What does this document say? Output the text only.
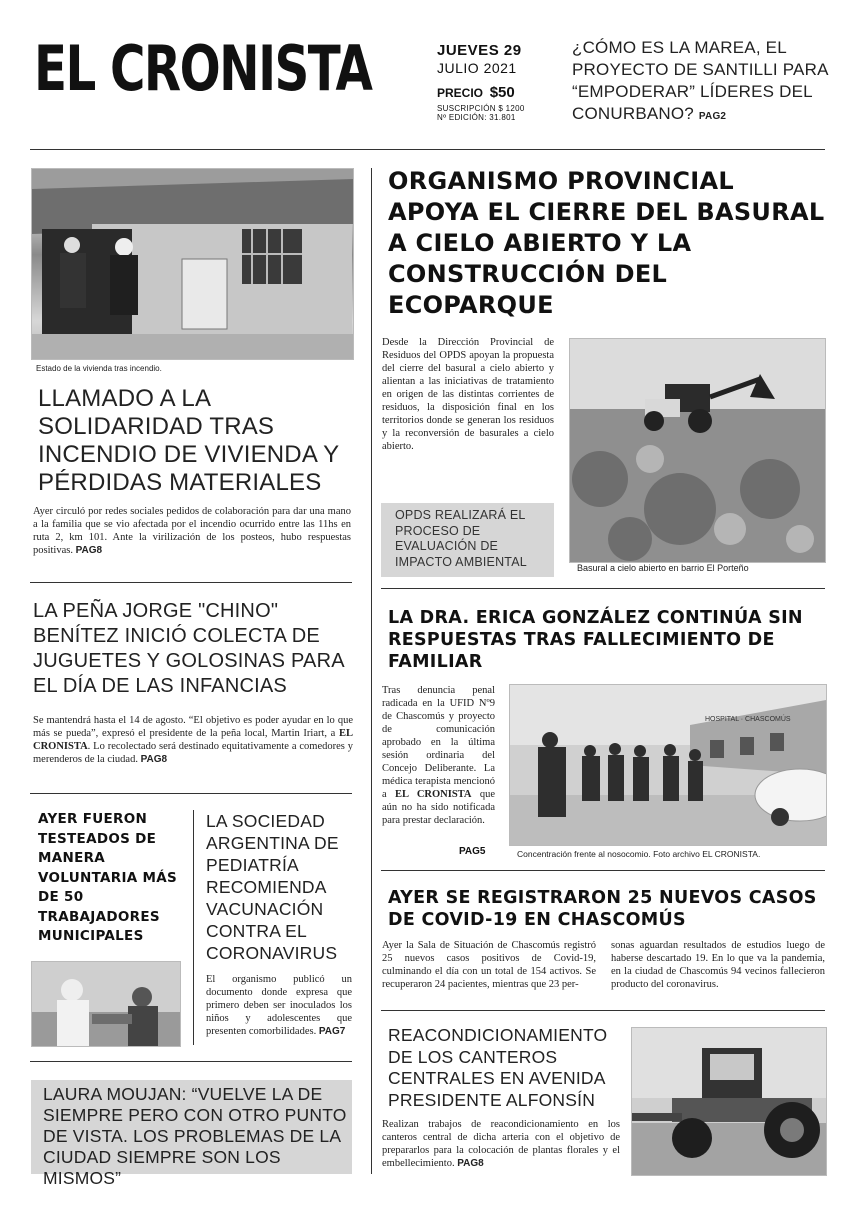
EL CRONISTA	JUEVES 29
JULIO 2021
PRECIO $50
SUSCRIPCIÓN $ 1200
Nº EDICIÓN: 31.801
¿CÓMO ES LA MAREA, EL PROYECTO DE SANTILLI PARA “EMPODERAR” LÍDERES DEL CONURBANO? PAG2
Estado de la vivienda tras incendio.
LLAMADO A LA SOLIDARIDAD TRAS INCENDIO DE VIVIENDA Y PÉRDIDAS MATERIALES
Ayer circuló por redes sociales pedidos de colaboración para dar una mano a la familia que se vio afectada por el incendio ocurrido entre las 11hs en ruta 2, km 101. Ante la virilización de los posteos, hubo respuestas positivas. PAG8
LA PEÑA JORGE "CHINO" BENÍTEZ INICIÓ COLECTA DE JUGUETES Y GOLOSINAS PARA EL DÍA DE LAS INFANCIAS
Se mantendrá hasta el 14 de agosto. “El objetivo es poder ayudar en lo que más se pueda”, expresó el presidente de la peña local, Martin Iriart, a EL CRONISTA. Lo recolectado será destinado equitativamente a comedores y merenderos de la ciudad. PAG8
AYER FUERON TESTEADOS DE MANERA VOLUNTARIA MÁS DE 50 TRABAJADORES MUNICIPALES
LA SOCIEDAD ARGENTINA DE PEDIATRÍA RECOMIENDA VACUNACIÓN CONTRA EL CORONAVIRUS
El organismo publicó un documento donde expresa que primero deben ser inoculados los niños y adolescentes que presenten comorbilidades. PAG7
LAURA MOUJAN: “VUELVE LA DE SIEMPRE PERO CON OTRO PUNTO DE VISTA. LOS PROBLEMAS DE LA CIUDAD SIEMPRE SON LOS MISMOS”
ORGANISMO PROVINCIAL APOYA EL CIERRE DEL BASURAL A CIELO ABIERTO Y LA CONSTRUCCIÓN DEL ECOPARQUE
Desde la Dirección Provincial de Residuos del OPDS apoyan la propuesta del cierre del basural a cielo abierto y alientan a las iniciativas de tratamiento en origen de las distintas corrientes de residuos, la disposición final en los territorios donde se generan los residuos y la reconversión de basurales a cielo abierto.
OPDS REALIZARÁ EL PROCESO DE EVALUACIÓN DE IMPACTO AMBIENTAL	Basural a cielo abierto en barrio El Porteño
LA DRA. ERICA GONZÁLEZ CONTINÚA SIN RESPUESTAS TRAS FALLECIMIENTO DE FAMILIAR
Tras denuncia penal radicada en la UFID Nº9 de Chascomús y proyecto de comunicación aprobado en la última sesión ordinaria del Concejo Deliberante. La médica terapista mencionó a EL CRONISTA que aún no ha sido notificada para prestar declaración.
PAG5
HOSPITAL · CHASCOMÚS
Concentración frente al nosocomio. Foto archivo EL CRONISTA.
AYER SE REGISTRARON 25 NUEVOS CASOS DE COVID-19 EN CHASCOMÚS
Ayer la Sala de Situación de Chascomús registró 25 nuevos casos positivos de Covid-19, culminando el día con un total de 154 activos. Se recuperaron 24 pacientes, mientras que 23 per-
sonas aguardan resultados de estudios luego de haberse descartado 19. En lo que va la pandemia, en la ciudad de Chascomús 94 vecinos fallecieron producto del coronavirus.
REACONDICIONAMIENTO DE LOS CANTEROS CENTRALES EN AVENIDA PRESIDENTE ALFONSÍN
Realizan trabajos de reacondicionamiento en los canteros central de dicha arteria con el objetivo de prepararlos para la colocación de plantas florales y el embellecimiento. PAG8
